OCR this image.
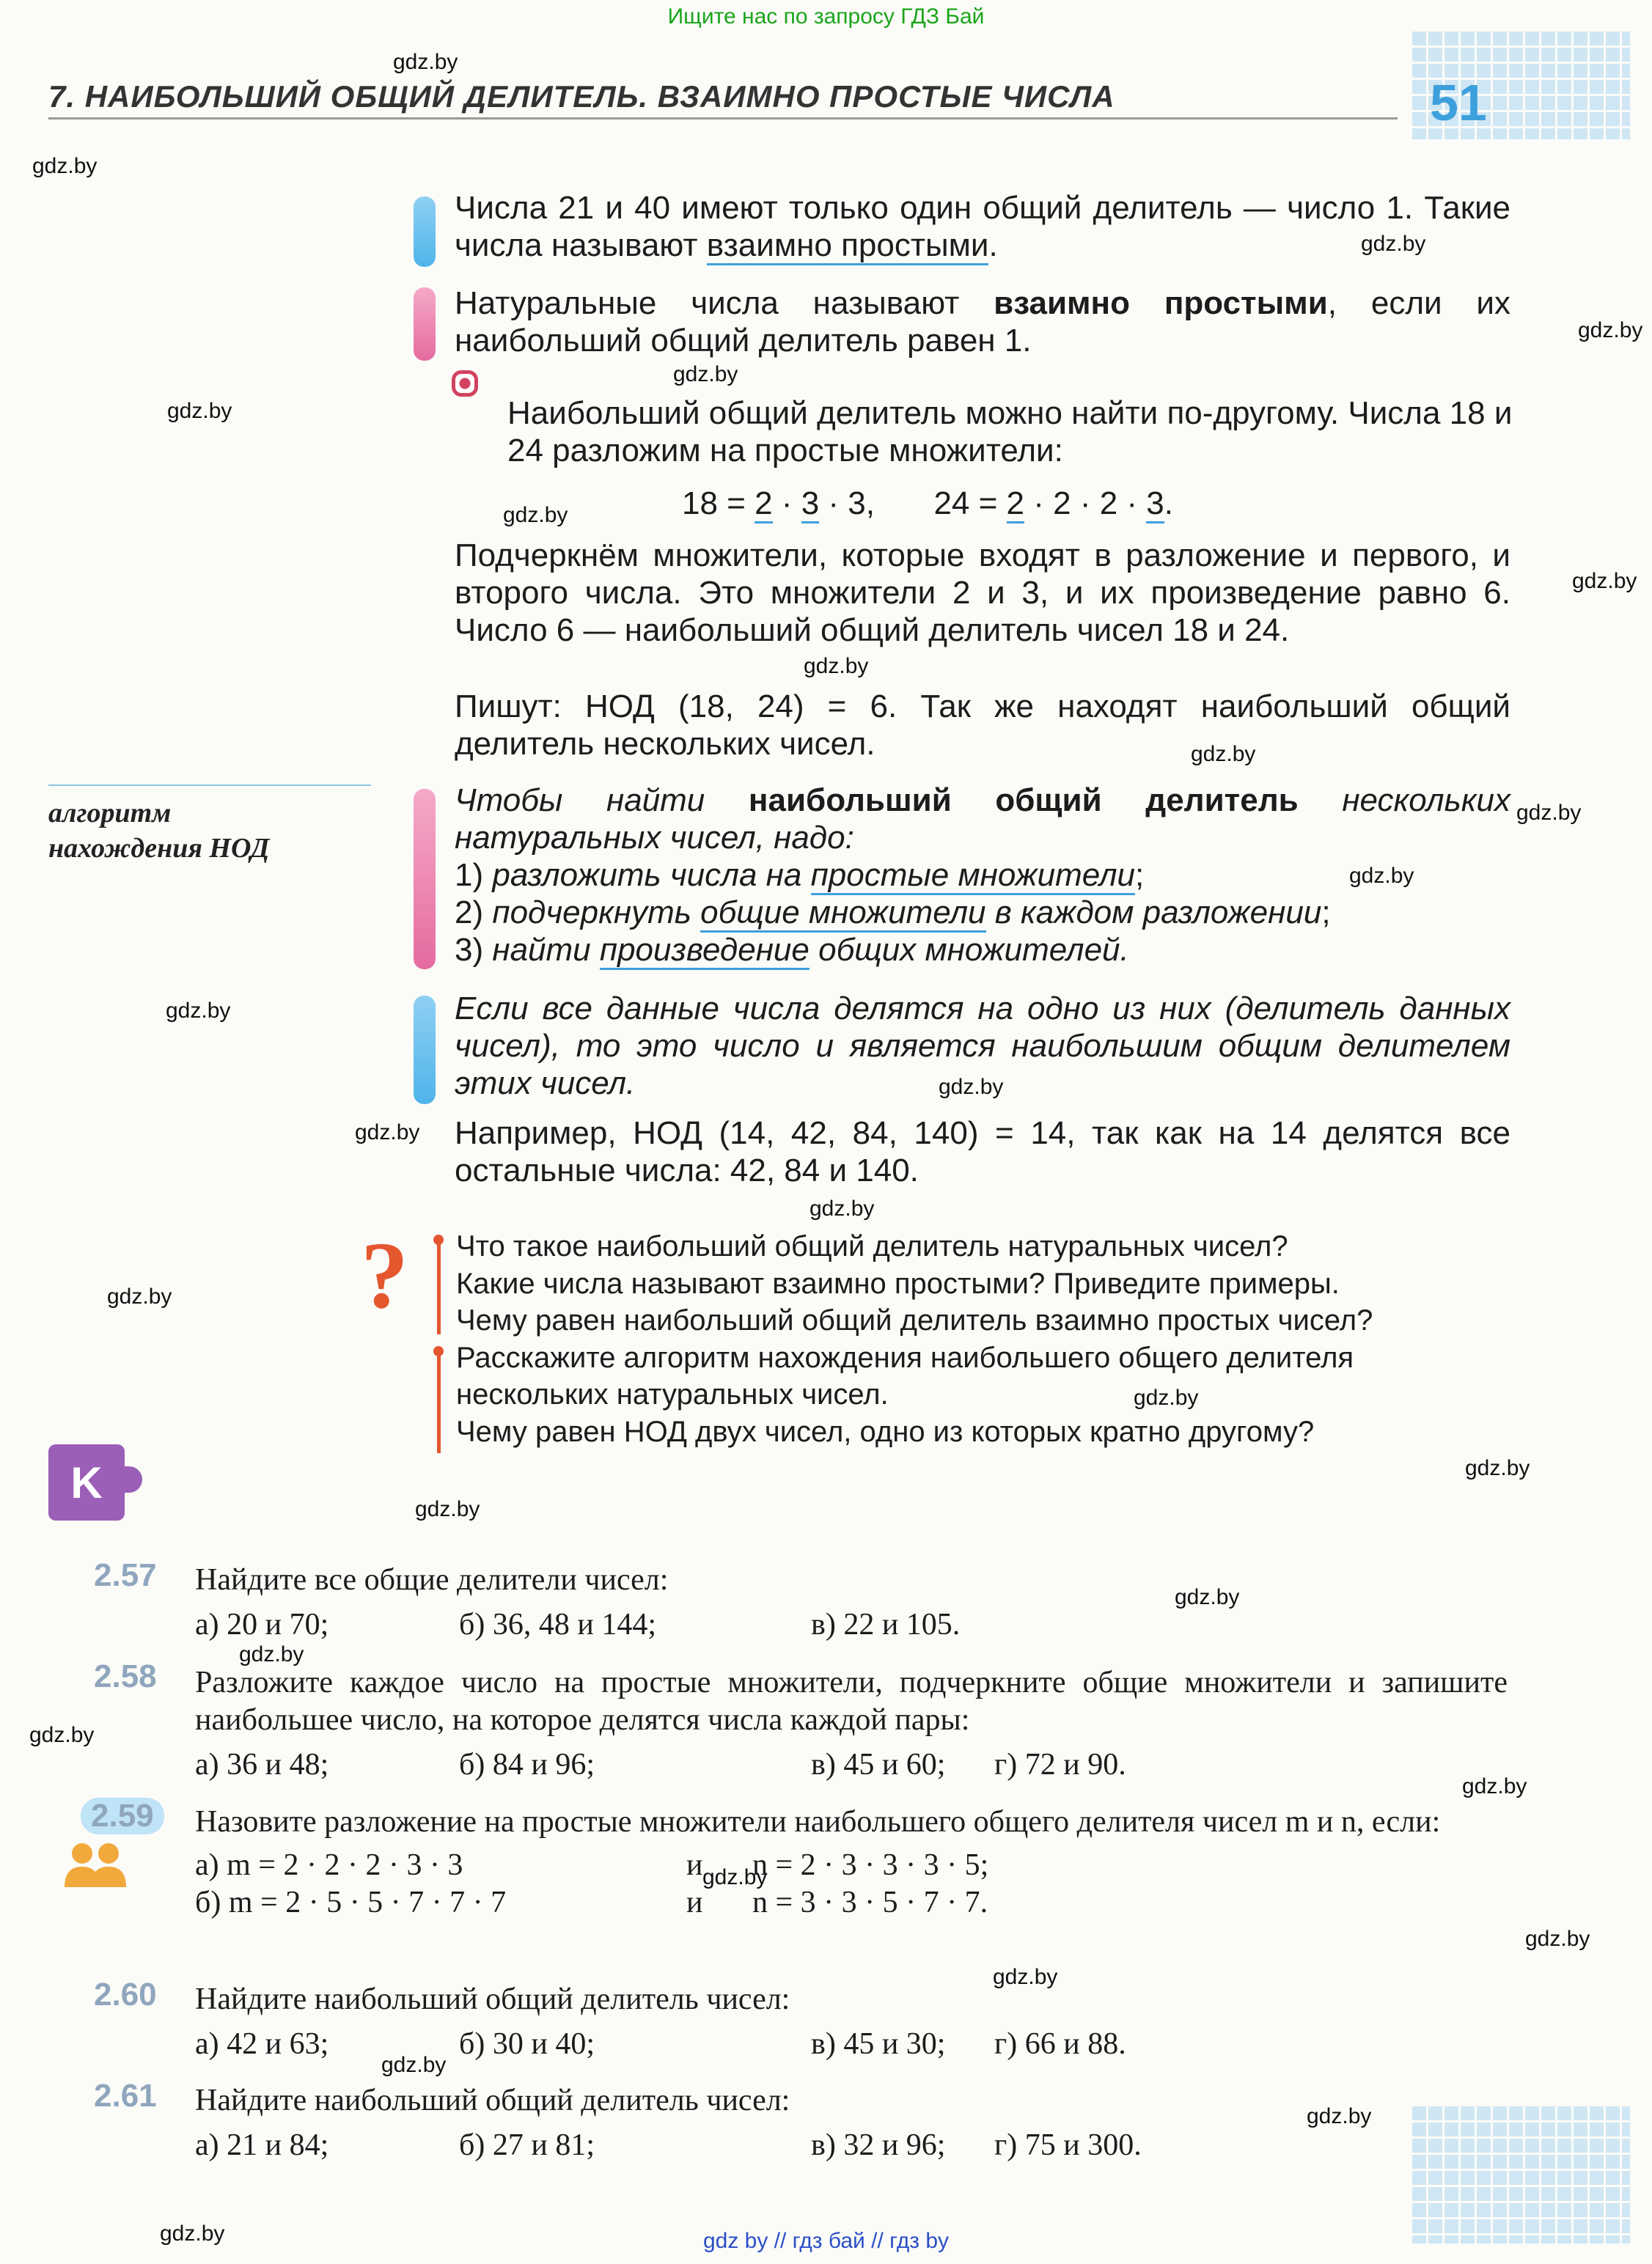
Ищите нас по запросу ГДЗ Бай
7. НАИБОЛЬШИЙ ОБЩИЙ ДЕЛИТЕЛЬ. ВЗАИМНО ПРОСТЫЕ ЧИСЛА	51
gdz.by
gdz.by
gdz.by
gdz.by
gdz.by
gdz.by
gdz.by
gdz.by
gdz.by
gdz.by
gdz.by
gdz.by
gdz.by
gdz.by
gdz.by
gdz.by
gdz.by
gdz.by
gdz.by
gdz.by
gdz.by
gdz.by
gdz.by
gdz.by
gdz.by
gdz.by
gdz.by
gdz.by
gdz.by
gdz.by

Числа 21 и 40 имеют только один общий делитель — число 1. Такие числа называют взаимно простыми.

Натуральные числа называют взаимно простыми, если их наибольший общий делитель равен 1.

Наибольший общий делитель можно найти по-другому. Числа 18 и 24 разложим на простые множители:

18 = 2 · 3 · 3, 24 = 2 · 2 · 2 · 3.

Подчеркнём множители, которые входят в разложение и первого, и второго числа. Это множители 2 и 3, и их произведение равно 6. Число 6 — наибольший общий делитель чисел 18 и 24.

Пишут: НОД (18, 24) = 6. Так же находят наибольший общий делитель нескольких чисел.

алгоритм
нахождения НОД

Чтобы найти наибольший общий делитель нескольких натуральных чисел, надо:

1) разложить числа на простые множители;

2) подчеркнуть общие множители в каждом разложении;

3) найти произведение общих множителей.

Если все данные числа делятся на одно из них (делитель данных чисел), то это число и является наибольшим общим делителем этих чисел.

Например, НОД (14, 42, 84, 140) = 14, так как на 14 делятся все остальные числа: 42, 84 и 140.

? Что такое наибольший общий делитель натуральных чисел?
Какие числа называют взаимно простыми? Приведите примеры.
Чему равен наибольший общий делитель взаимно простых чисел?
Расскажите алгоритм нахождения наибольшего общего делителя нескольких натуральных чисел.
Чему равен НОД двух чисел, одно из которых кратно другому?
K
2.57 Найдите все общие делители чисел:

а) 20 и 70;	б) 36, 48 и 144;	в) 22 и 105.

2.58 Разложите каждое число на простые множители, подчеркните общие множители и запишите наибольшее число, на которое делятся числа каждой пары:

а) 36 и 48;	б) 84 и 96;	в) 45 и 60;	г) 72 и 90.

2.59	Назовите разложение на простые множители наибольшего общего делителя чисел m и n, если:

а) m = 2 · 2 · 2 · 3 · 3	и	n = 2 · 3 · 3 · 3 · 5;

б) m = 2 · 5 · 5 · 7 · 7 · 7	и	n = 3 · 3 · 5 · 7 · 7.

2.60 Найдите наибольший общий делитель чисел:

а) 42 и 63;	б) 30 и 40;	в) 45 и 30;	г) 66 и 88.

2.61 Найдите наибольший общий делитель чисел:

а) 21 и 84;	б) 27 и 81;	в) 32 и 96;	г) 75 и 300.

gdz by // гдз бай // гдз by
